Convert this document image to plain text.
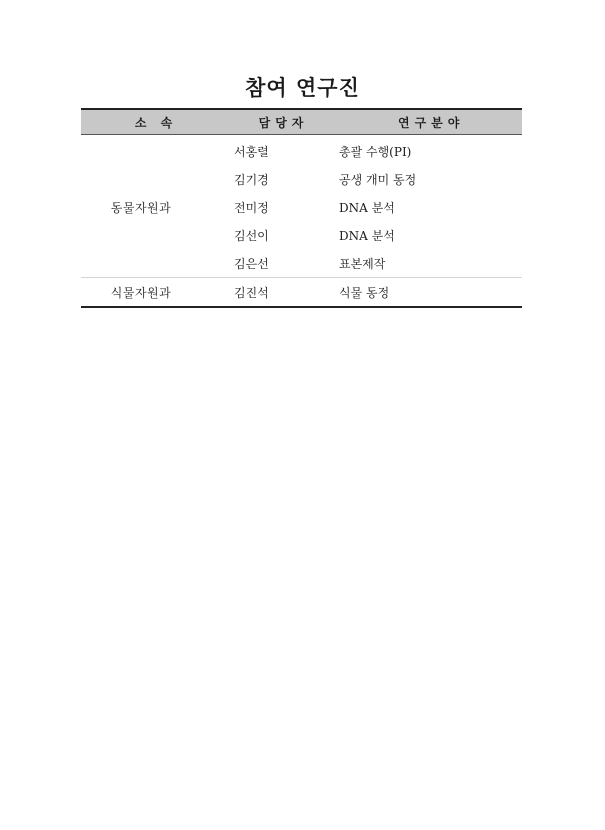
참여 연구진
소 속	담당자	연구분야
동물자원과	서홍렬	총괄 수행(PI)
	김기경	공생 개미 동정
	전미정	DNA 분석
	김선이	DNA 분석
	김은선	표본제작
식물자원과	김진석	식물 동정
